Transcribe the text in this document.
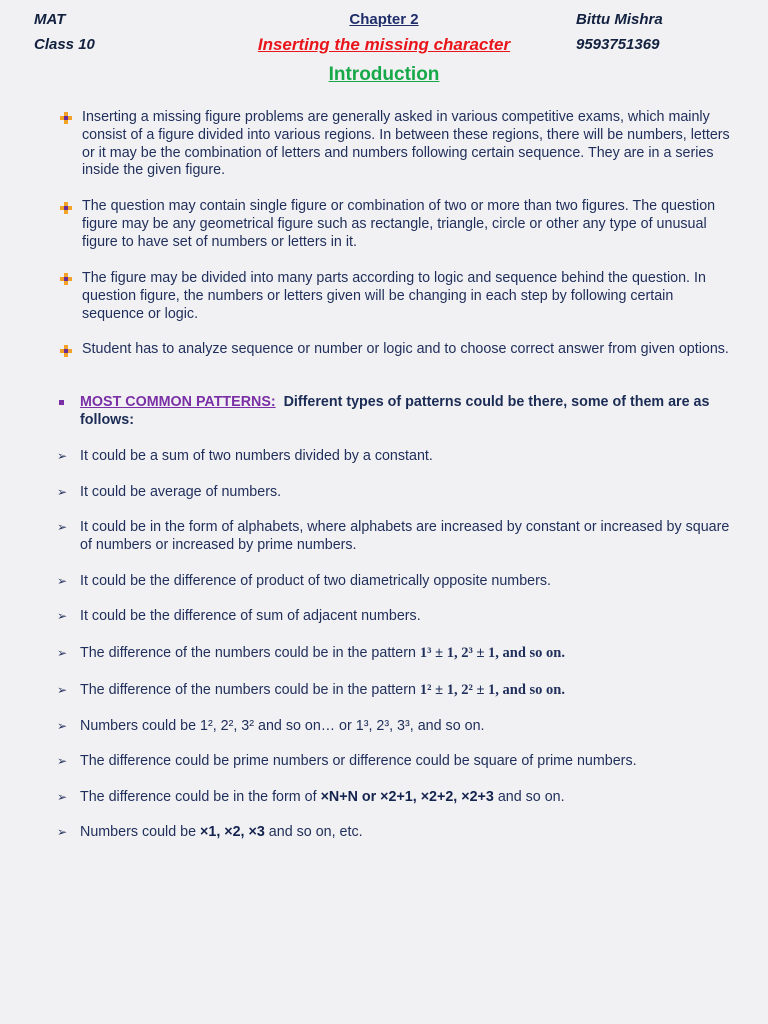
MAT
Class 10
Chapter 2
Inserting the missing character
Bittu Mishra
9593751369
Introduction
Inserting a missing figure problems are generally asked in various competitive exams, which mainly consist of a figure divided into various regions. In between these regions, there will be numbers, letters or it may be the combination of letters and numbers following certain sequence. They are in a series inside the given figure.
The question may contain single figure or combination of two or more than two figures. The question figure may be any geometrical figure such as rectangle, triangle, circle or other any type of unusual figure to have set of numbers or letters in it.
The figure may be divided into many parts according to logic and sequence behind the question. In question figure, the numbers or letters given will be changing in each step by following certain sequence or logic.
Student has to analyze sequence or number or logic and to choose correct answer from given options.
MOST COMMON PATTERNS: Different types of patterns could be there, some of them are as follows:
➢ It could be a sum of two numbers divided by a constant.
➢ It could be average of numbers.
➢ It could be in the form of alphabets, where alphabets are increased by constant or increased by square of numbers or increased by prime numbers.
➢ It could be the difference of product of two diametrically opposite numbers.
➢ It could be the difference of sum of adjacent numbers.
➢ The difference of the numbers could be in the pattern 1³ ± 1, 2³ ± 1, and so on.
➢ The difference of the numbers could be in the pattern 1² ± 1, 2² ± 1, and so on.
➢ Numbers could be 1², 2², 3² and so on… or 1³, 2³, 3³, and so on.
➢ The difference could be prime numbers or difference could be square of prime numbers.
➢ The difference could be in the form of ×N+N or ×2+1, ×2+2, ×2+3 and so on.
➢ Numbers could be ×1, ×2, ×3 and so on, etc.
